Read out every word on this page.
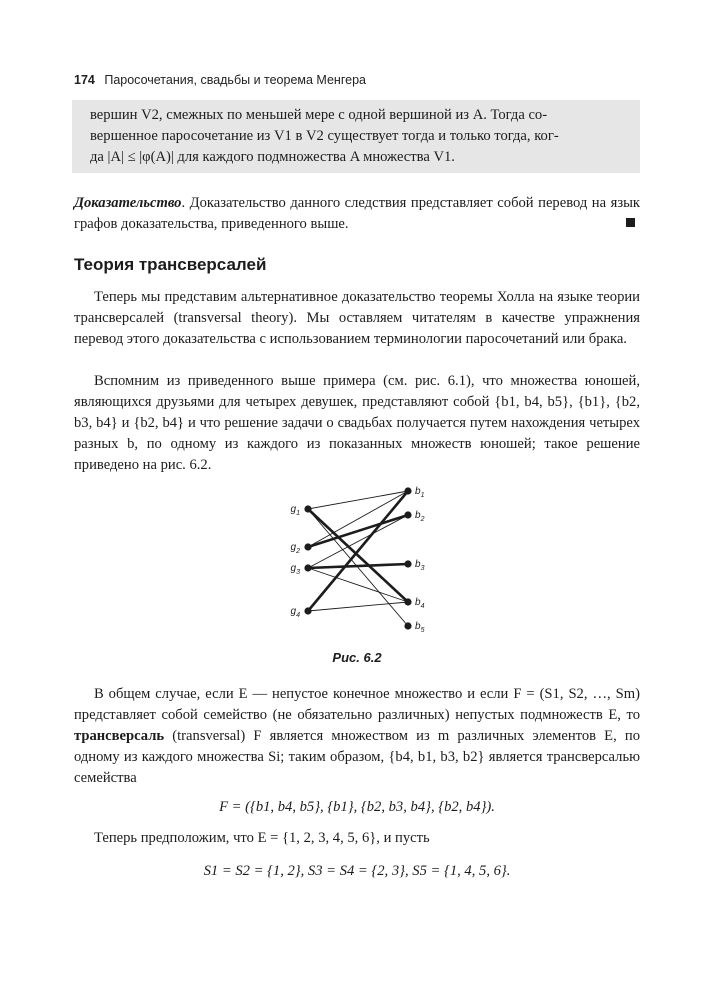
174 Паросочетания, свадьбы и теорема Менгера

вершин V2, смежных по меньшей мере с одной вершиной из A. Тогда со-
вершенное паросочетание из V1 в V2 существует тогда и только тогда, ког-
да |A| ≤ |φ(A)| для каждого подмножества A множества V1.

Доказательство. Доказательство данного следствия представляет собой перевод на язык графов доказательства, приведенного выше.

Теория трансверсалей

Теперь мы представим альтернативное доказательство теоремы Холла на языке теории трансверсалей (transversal theory). Мы оставляем читателям в качестве упражнения перевод этого доказательства с использованием терминологии паросочетаний или брака.

Вспомним из приведенного выше примера (см. рис. 6.1), что множества юношей, являющихся друзьями для четырех девушек, представляют собой {b1, b4, b5}, {b1}, {b2, b3, b4} и {b2, b4} и что решение задачи о свадьбах получается путем нахождения четырех разных b, по одному из каждого из показанных множеств юношей; такое решение приведено на рис. 6.2.

$g_1$
$g_2$
$g_3$
$g_4$
$b_1$
$b_2$
$b_3$
$b_4$
$b_5$
Рис. 6.2

В общем случае, если E — непустое конечное множество и если F = (S1, S2, …, Sm) представляет собой семейство (не обязательно различных) непустых подмножеств E, то трансверсаль (transversal) F является множеством из m различных элементов E, по одному из каждого множества Si; таким образом, {b4, b1, b3, b2} является трансверсалью семейства

F = ({b1, b4, b5}, {b1}, {b2, b3, b4}, {b2, b4}).

Теперь предположим, что E = {1, 2, 3, 4, 5, 6}, и пусть

S1 = S2 = {1, 2}, S3 = S4 = {2, 3}, S5 = {1, 4, 5, 6}.
